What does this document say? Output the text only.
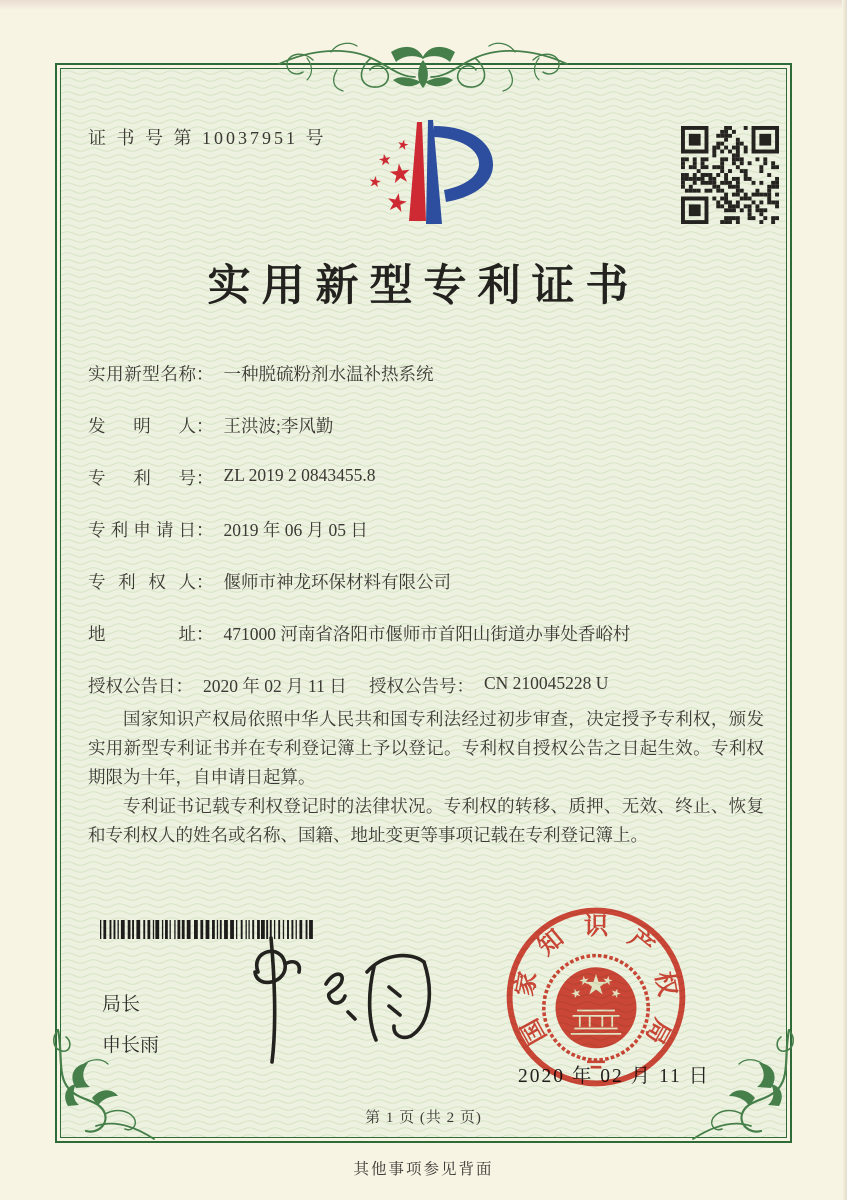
证 书 号 第 10037951 号
实用新型专利证书
实用新型名称 ： 一种脱硫粉剂水温补热系统
发明人 ： 王洪波;李风勤
专利号 ： ZL 2019 2 0843455.8
专利申请日 ： 2019 年 06 月 05 日
专利权人 ： 偃师市神龙环保材料有限公司
地址 ： 471000 河南省洛阳市偃师市首阳山街道办事处香峪村
授权公告日 ： 2020 年 02 月 11 日 授权公告号 ： CN 210045228 U

国家知识产权局依照中华人民共和国专利法经过初步审查，决定授予专利权，颁发实用新型专利证书并在专利登记簿上予以登记。专利权自授权公告之日起生效。专利权期限为十年，自申请日起算。

专利证书记载专利权登记时的法律状况。专利权的转移、质押、无效、终止、恢复和专利权人的姓名或名称、国籍、地址变更等事项记载在专利登记簿上。

局长
申长雨
2020 年 02 月 11 日
国
家
知 识 产
权
局
第 1 页 (共 2 页)
其他事项参见背面
